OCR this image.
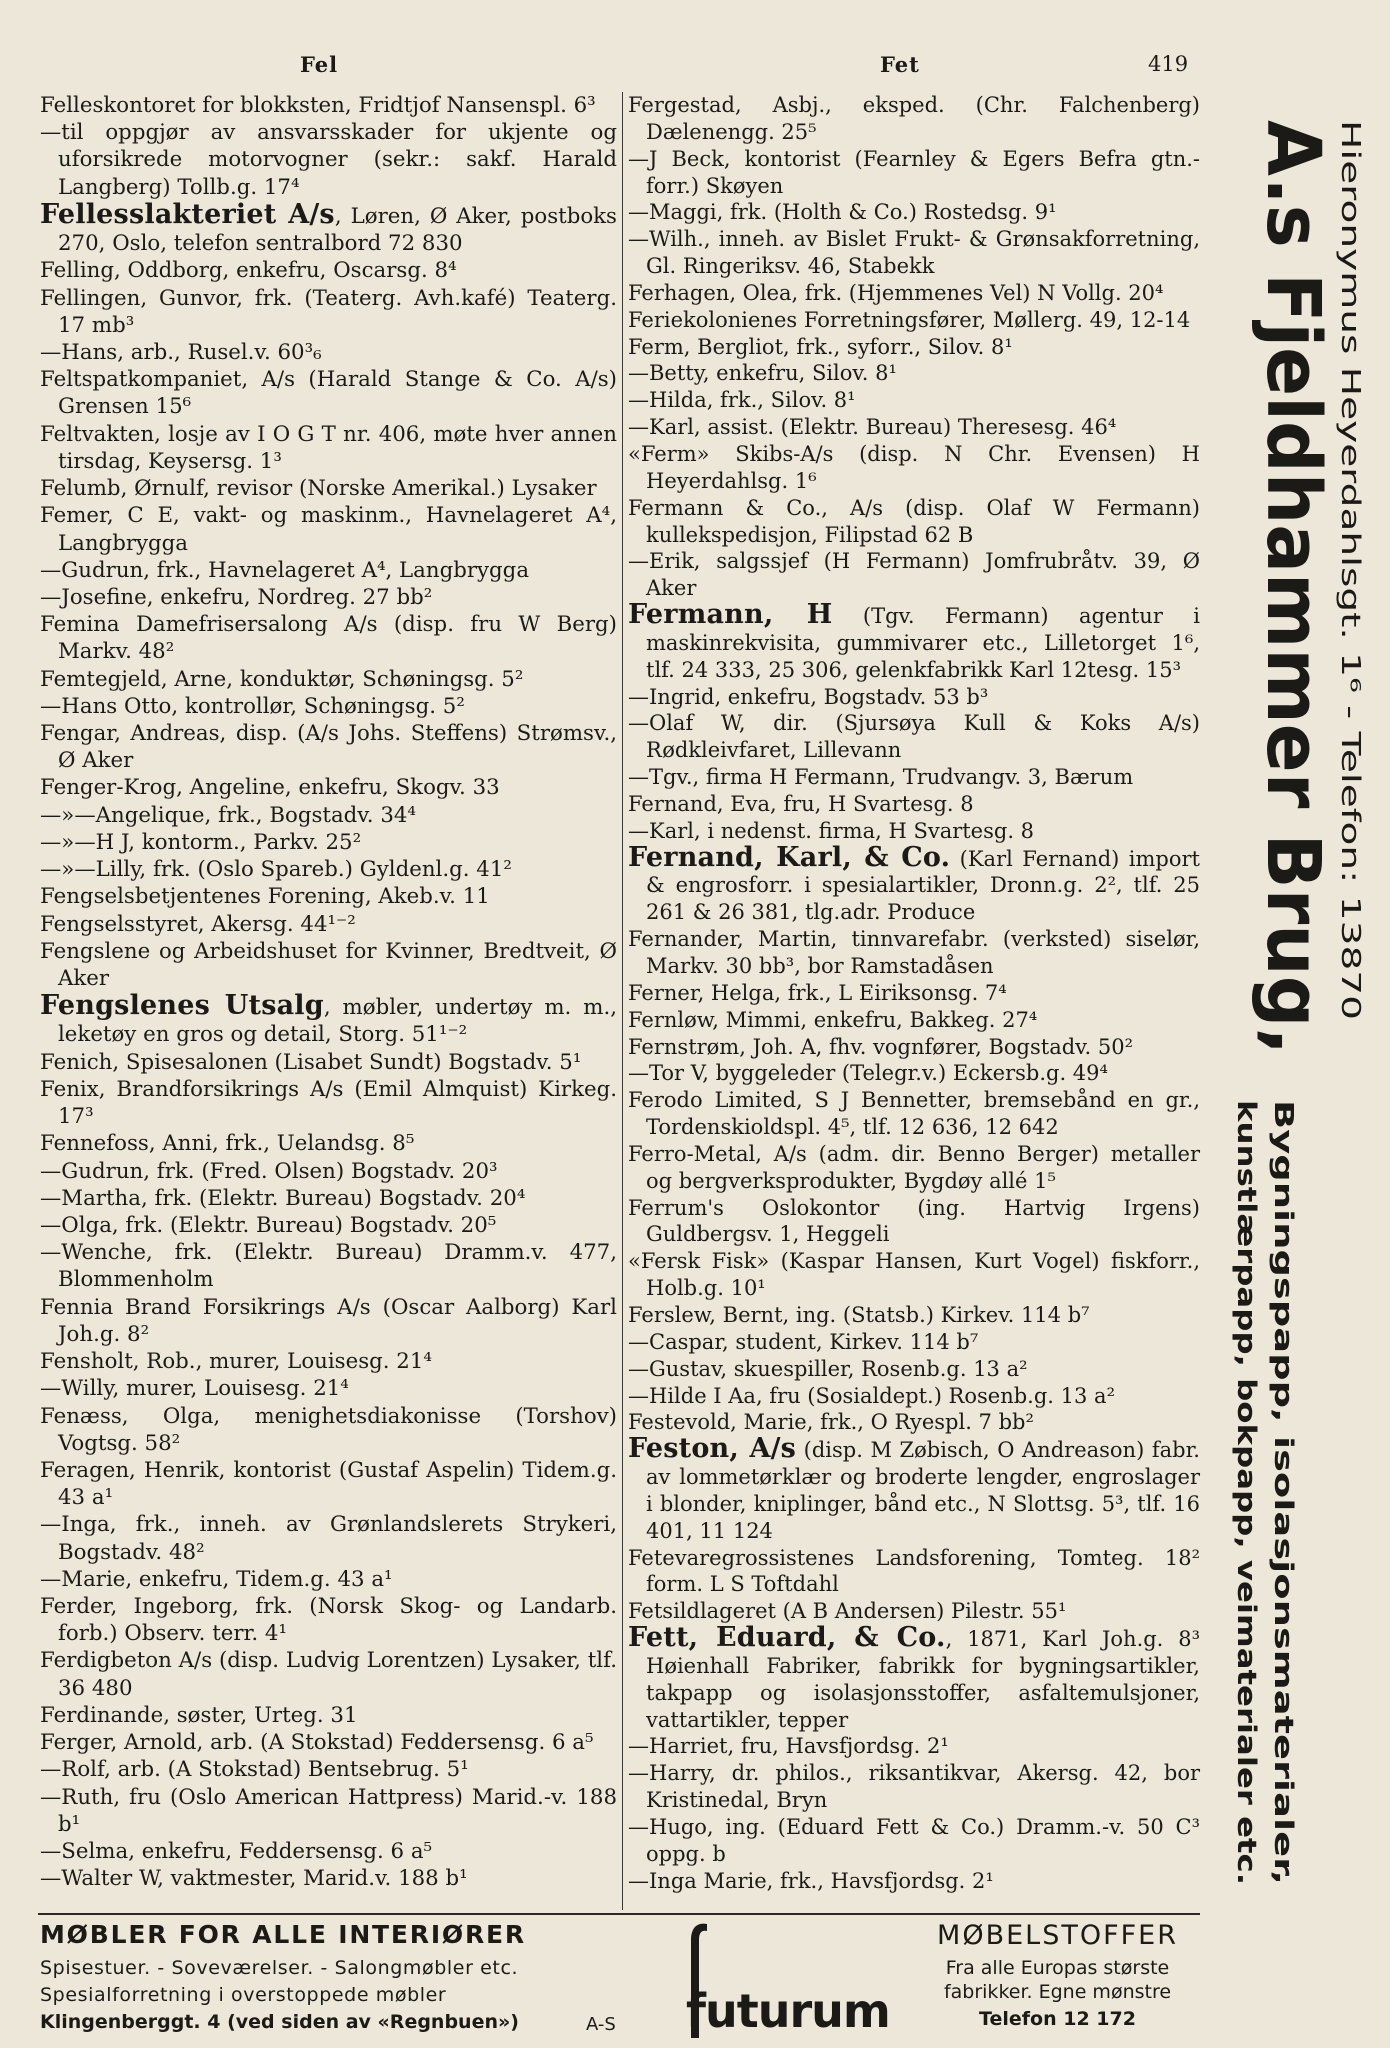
Fel	Fet	419
Felleskontoret for blokksten, Fridtjof Nansenspl. 6³
—til oppgjør av ansvarsskader for ukjente og uforsikrede motorvogner (sekr.: sakf. Harald Langberg) Tollb.g. 17⁴
Fellesslakteriet A/s, Løren, Ø Aker, postboks 270, Oslo, telefon sentralbord 72 830
Felling, Oddborg, enkefru, Oscarsg. 8⁴
Fellingen, Gunvor, frk. (Teaterg. Avh.kafé) Teaterg. 17 mb³
—Hans, arb., Rusel.v. 60³₆
Feltspatkompaniet, A/s (Harald Stange & Co. A/s) Grensen 15⁶
Feltvakten, losje av I O G T nr. 406, møte hver annen tirsdag, Keysersg. 1³
Felumb, Ørnulf, revisor (Norske Amerikal.) Lysaker
Femer, C E, vakt- og maskinm., Havnelageret A⁴, Langbrygga
—Gudrun, frk., Havnelageret A⁴, Langbrygga
—Josefine, enkefru, Nordreg. 27 bb²
Femina Damefrisersalong A/s (disp. fru W Berg) Markv. 48²
Femtegjeld, Arne, konduktør, Schøningsg. 5²
—Hans Otto, kontrollør, Schøningsg. 5²
Fengar, Andreas, disp. (A/s Johs. Steffens) Strømsv., Ø Aker
Fenger-Krog, Angeline, enkefru, Skogv. 33
—»—Angelique, frk., Bogstadv. 34⁴
—»—H J, kontorm., Parkv. 25²
—»—Lilly, frk. (Oslo Spareb.) Gyldenl.g. 41²
Fengselsbetjentenes Forening, Akeb.v. 11
Fengselsstyret, Akersg. 44¹⁻²
Fengslene og Arbeidshuset for Kvinner, Bredtveit, Ø Aker
Fengslenes Utsalg, møbler, undertøy m. m., leketøy en gros og detail, Storg. 51¹⁻²
Fenich, Spisesalonen (Lisabet Sundt) Bogstadv. 5¹
Fenix, Brandforsikrings A/s (Emil Almquist) Kirkeg. 17³
Fennefoss, Anni, frk., Uelandsg. 8⁵
—Gudrun, frk. (Fred. Olsen) Bogstadv. 20³
—Martha, frk. (Elektr. Bureau) Bogstadv. 20⁴
—Olga, frk. (Elektr. Bureau) Bogstadv. 20⁵
—Wenche, frk. (Elektr. Bureau) Dramm.v. 477, Blommenholm
Fennia Brand Forsikrings A/s (Oscar Aalborg) Karl Joh.g. 8²
Fensholt, Rob., murer, Louisesg. 21⁴
—Willy, murer, Louisesg. 21⁴
Fenæss, Olga, menighetsdiakonisse (Torshov) Vogtsg. 58²
Feragen, Henrik, kontorist (Gustaf Aspelin) Tidem.g. 43 a¹
—Inga, frk., inneh. av Grønlandslerets Strykeri, Bogstadv. 48²
—Marie, enkefru, Tidem.g. 43 a¹
Ferder, Ingeborg, frk. (Norsk Skog- og Landarb. forb.) Observ. terr. 4¹
Ferdigbeton A/s (disp. Ludvig Lorentzen) Lysaker, tlf. 36 480
Ferdinande, søster, Urteg. 31
Ferger, Arnold, arb. (A Stokstad) Feddersensg. 6 a⁵
—Rolf, arb. (A Stokstad) Bentsebrug. 5¹
—Ruth, fru (Oslo American Hattpress) Marid.-v. 188 b¹
—Selma, enkefru, Feddersensg. 6 a⁵
—Walter W, vaktmester, Marid.v. 188 b¹
Fergestad, Asbj., eksped. (Chr. Falchenberg) Dælenengg. 25⁵
—J Beck, kontorist (Fearnley & Egers Befra gtn.-forr.) Skøyen
—Maggi, frk. (Holth & Co.) Rostedsg. 9¹
—Wilh., inneh. av Bislet Frukt- & Grønsakforretning, Gl. Ringeriksv. 46, Stabekk
Ferhagen, Olea, frk. (Hjemmenes Vel) N Vollg. 20⁴
Feriekolonienes Forretningsfører, Møllerg. 49, 12-14
Ferm, Bergliot, frk., syforr., Silov. 8¹
—Betty, enkefru, Silov. 8¹
—Hilda, frk., Silov. 8¹
—Karl, assist. (Elektr. Bureau) Theresesg. 46⁴
«Ferm» Skibs-A/s (disp. N Chr. Evensen) H Heyerdahlsg. 1⁶
Fermann & Co., A/s (disp. Olaf W Fermann) kullekspedisjon, Filipstad 62 B
—Erik, salgssjef (H Fermann) Jomfrubråtv. 39, Ø Aker
Fermann, H (Tgv. Fermann) agentur i maskinrekvisita, gummivarer etc., Lilletorget 1⁶, tlf. 24 333, 25 306, gelenkfabrikk Karl 12tesg. 15³
—Ingrid, enkefru, Bogstadv. 53 b³
—Olaf W, dir. (Sjursøya Kull & Koks A/s) Rødkleivfaret, Lillevann
—Tgv., firma H Fermann, Trudvangv. 3, Bærum
Fernand, Eva, fru, H Svartesg. 8
—Karl, i nedenst. firma, H Svartesg. 8
Fernand, Karl, & Co. (Karl Fernand) import & engrosforr. i spesialartikler, Dronn.g. 2², tlf. 25 261 & 26 381, tlg.adr. Produce
Fernander, Martin, tinnvarefabr. (verksted) siselør, Markv. 30 bb³, bor Ramstadåsen
Ferner, Helga, frk., L Eiriksonsg. 7⁴
Fernløw, Mimmi, enkefru, Bakkeg. 27⁴
Fernstrøm, Joh. A, fhv. vognfører, Bogstadv. 50²
—Tor V, byggeleder (Telegr.v.) Eckersb.g. 49⁴
Ferodo Limited, S J Bennetter, bremsebånd en gr., Tordenskioldspl. 4⁵, tlf. 12 636, 12 642
Ferro-Metal, A/s (adm. dir. Benno Berger) metaller og bergverksprodukter, Bygdøy allé 1⁵
Ferrum's Oslokontor (ing. Hartvig Irgens) Guldbergsv. 1, Heggeli
«Fersk Fisk» (Kaspar Hansen, Kurt Vogel) fiskforr., Holb.g. 10¹
Ferslew, Bernt, ing. (Statsb.) Kirkev. 114 b⁷
—Caspar, student, Kirkev. 114 b⁷
—Gustav, skuespiller, Rosenb.g. 13 a²
—Hilde I Aa, fru (Sosialdept.) Rosenb.g. 13 a²
Festevold, Marie, frk., O Ryespl. 7 bb²
Feston, A/s (disp. M Zøbisch, O Andreason) fabr. av lommetørklær og broderte lengder, engroslager i blonder, kniplinger, bånd etc., N Slottsg. 5³, tlf. 16 401, 11 124
Fetevaregrossistenes Landsforening, Tomteg. 18² form. L S Toftdahl
Fetsildlageret (A B Andersen) Pilestr. 55¹
Fett, Eduard, & Co., 1871, Karl Joh.g. 8³ Høienhall Fabriker, fabrikk for bygningsartikler, takpapp og isolasjonsstoffer, asfaltemulsjoner, vattartikler, tepper
—Harriet, fru, Havsfjordsg. 2¹
—Harry, dr. philos., riksantikvar, Akersg. 42, bor Kristinedal, Bryn
—Hugo, ing. (Eduard Fett & Co.) Dramm.-v. 50 C³ oppg. b
—Inga Marie, frk., Havsfjordsg. 2¹
A.s Fjeldhammer Brug, Hieronymus Heyerdahlsgt. 1⁶ - Telefon: 13870
Bygningspapp, isolasjonsmaterialer,
kunstlærpapp, bokpapp, veimaterialer etc.
MØBLER FOR ALLE INTERIØRER
Spisestuer. - Soveværelser. - Salongmøbler etc.
Spesialforretning i overstoppede møbler
Klingenberggt. 4 (ved siden av «Regnbuen»)	A-S futurum
MØBELSTOFFER
Fra alle Europas største
fabrikker. Egne mønstre
Telefon 12 172
